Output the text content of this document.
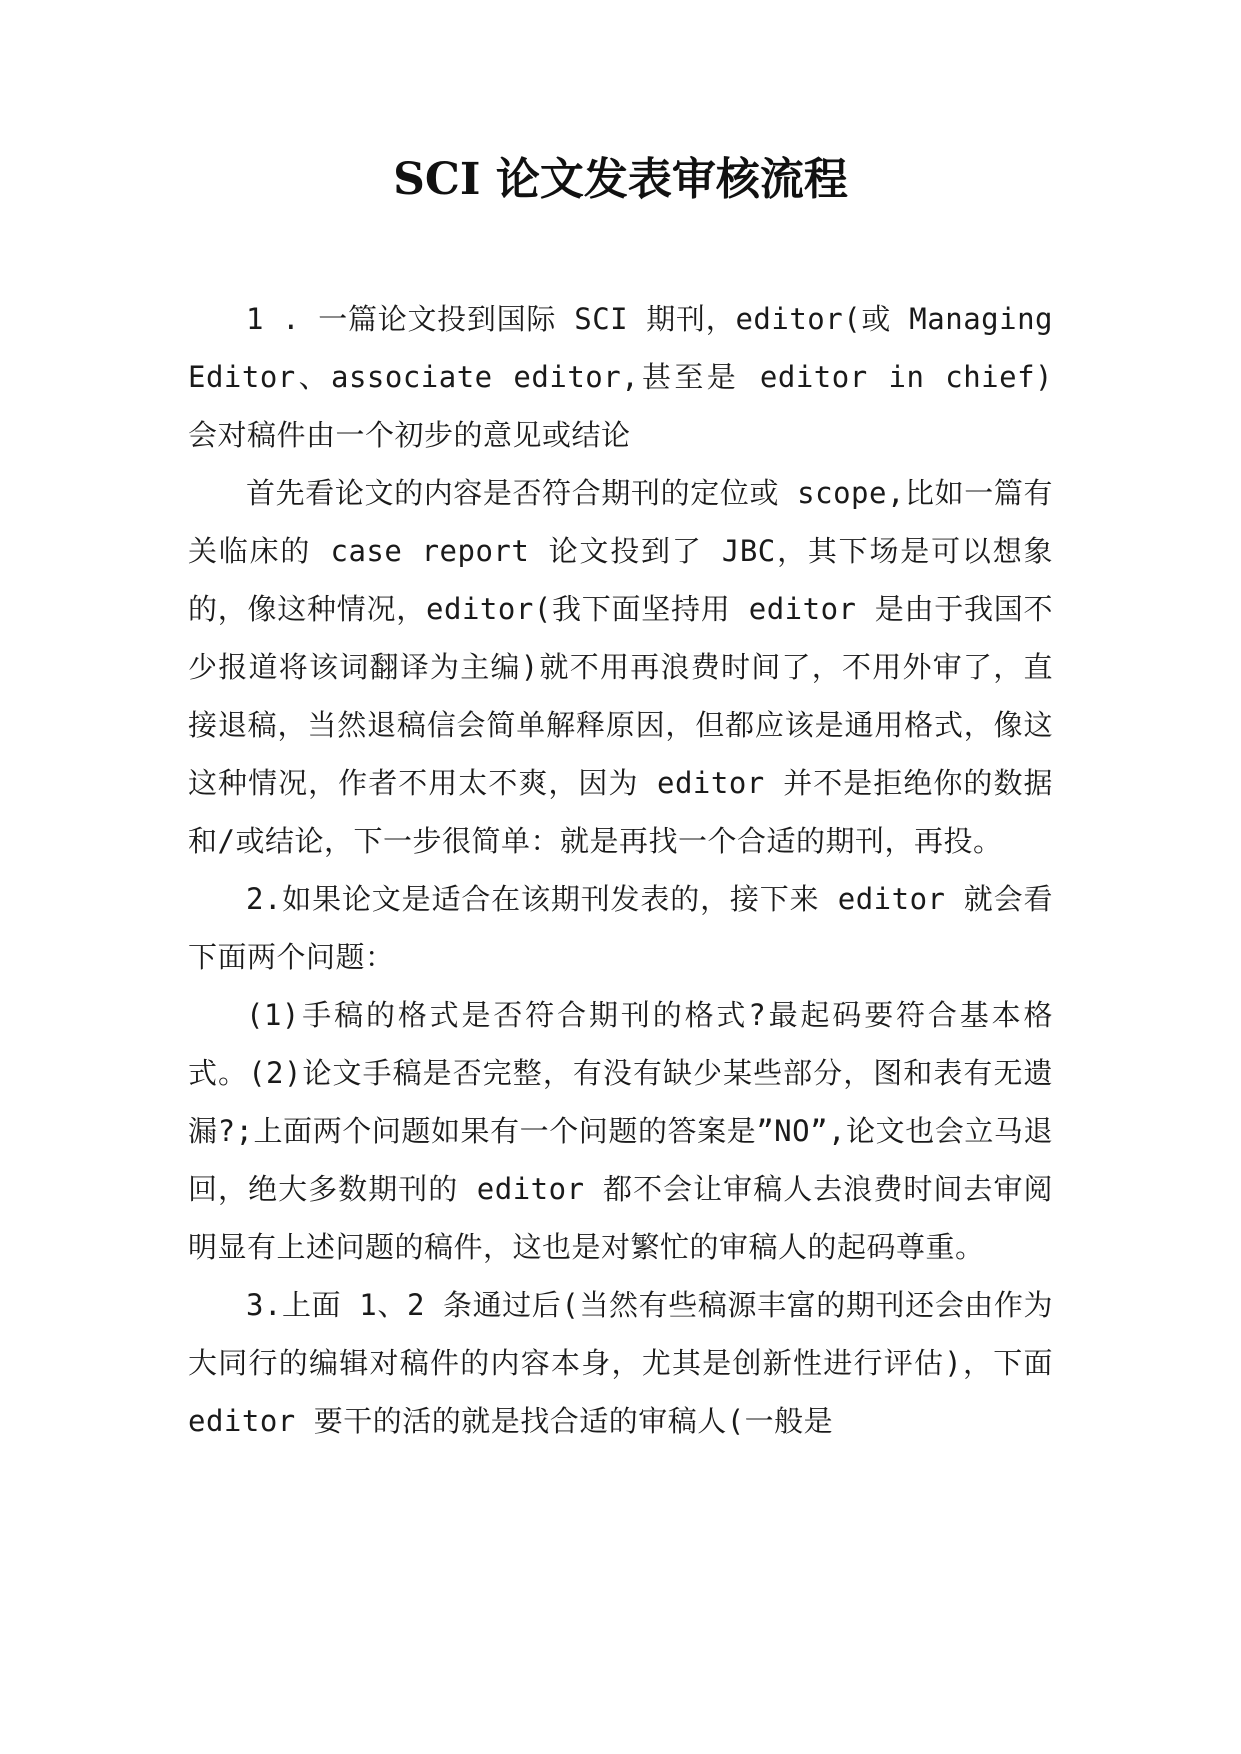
SCI 论文发表审核流程

1 . 一篇论文投到国际 SCI 期刊，editor(或 Managing Editor、associate editor,甚至是 editor in chief)会对稿件由一个初步的意见或结论

首先看论文的内容是否符合期刊的定位或 scope,比如一篇有关临床的 case report 论文投到了 JBC，其下场是可以想象的，像这种情况，editor(我下面坚持用 editor 是由于我国不少报道将该词翻译为主编)就不用再浪费时间了，不用外审了，直接退稿，当然退稿信会简单解释原因，但都应该是通用格式，像这这种情况，作者不用太不爽，因为 editor 并不是拒绝你的数据和/或结论，下一步很简单：就是再找一个合适的期刊，再投。

2.如果论文是适合在该期刊发表的，接下来 editor 就会看下面两个问题：

(1)手稿的格式是否符合期刊的格式?最起码要符合基本格式。(2)论文手稿是否完整，有没有缺少某些部分，图和表有无遗漏?;上面两个问题如果有一个问题的答案是”NO”,论文也会立马退回，绝大多数期刊的 editor 都不会让审稿人去浪费时间去审阅明显有上述问题的稿件，这也是对繁忙的审稿人的起码尊重。

3.上面 1、2 条通过后(当然有些稿源丰富的期刊还会由作为大同行的编辑对稿件的内容本身，尤其是创新性进行评估)，下面 editor 要干的活的就是找合适的审稿人(一般是
